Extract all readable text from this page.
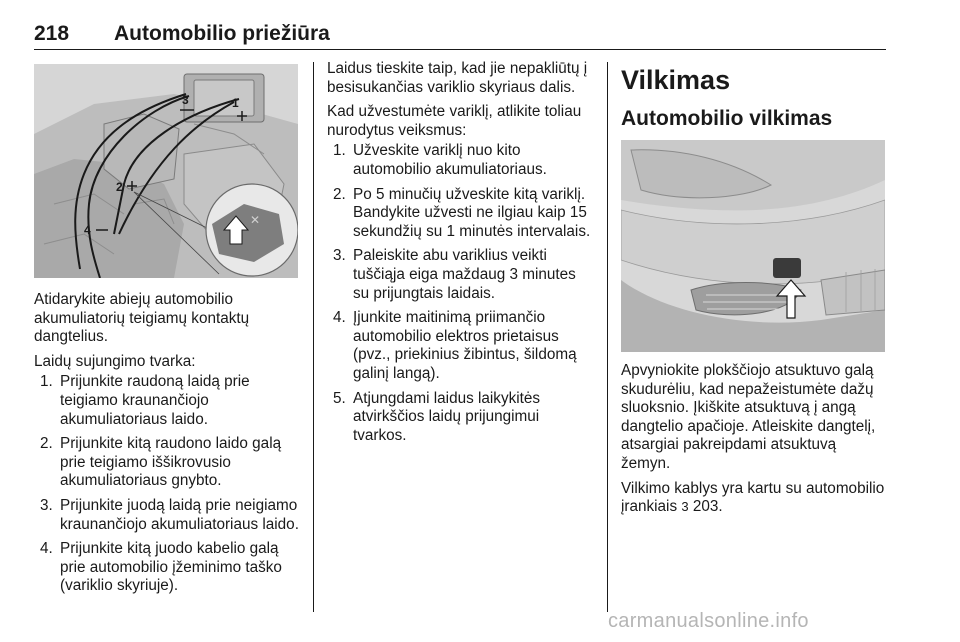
218 Automobilio priežiūra
✕
3	1
2
4

Atidarykite abiejų automobilio akumuliatorių teigiamų kontaktų dangtelius.

Laidų sujungimo tvarka:

1. Prijunkite raudoną laidą prie teigiamo kraunančiojo akumuliatoriaus laido.
2. Prijunkite kitą raudono laido galą prie teigiamo iššikrovusio akumuliatoriaus gnybto.
3. Prijunkite juodą laidą prie neigiamo kraunančiojo akumuliatoriaus laido.
4. Prijunkite kitą juodo kabelio galą prie automobilio įžeminimo taško (variklio skyriuje).

Laidus tieskite taip, kad jie nepakliūtų į besisukančias variklio skyriaus dalis.

Kad užvestumėte variklį, atlikite toliau nurodytus veiksmus:

1. Užveskite variklį nuo kito automobilio akumuliatoriaus.
2. Po 5 minučių užveskite kitą variklį. Bandykite užvesti ne ilgiau kaip 15 sekundžių su 1 minutės intervalais.
3. Paleiskite abu variklius veikti tuščiąja eiga maždaug 3 minutes su prijungtais laidais.
4. Įjunkite maitinimą priimančio automobilio elektros prietaisus (pvz., priekinius žibintus, šildomą galinį langą).
5. Atjungdami laidus laikykitės atvirkščios laidų prijungimui tvarkos.
Vilkimas
Automobilio vilkimas

Apvyniokite plokščiojo atsuktuvo galą skudurėliu, kad nepažeistumėte dažų sluoksnio. Įkiškite atsuktuvą į angą dangtelio apačioje. Atleiskite dangtelį, atsargiai pakreipdami atsuktuvą žemyn.

Vilkimo kablys yra kartu su automobilio įrankiais 3 203.

carmanualsonline.info
